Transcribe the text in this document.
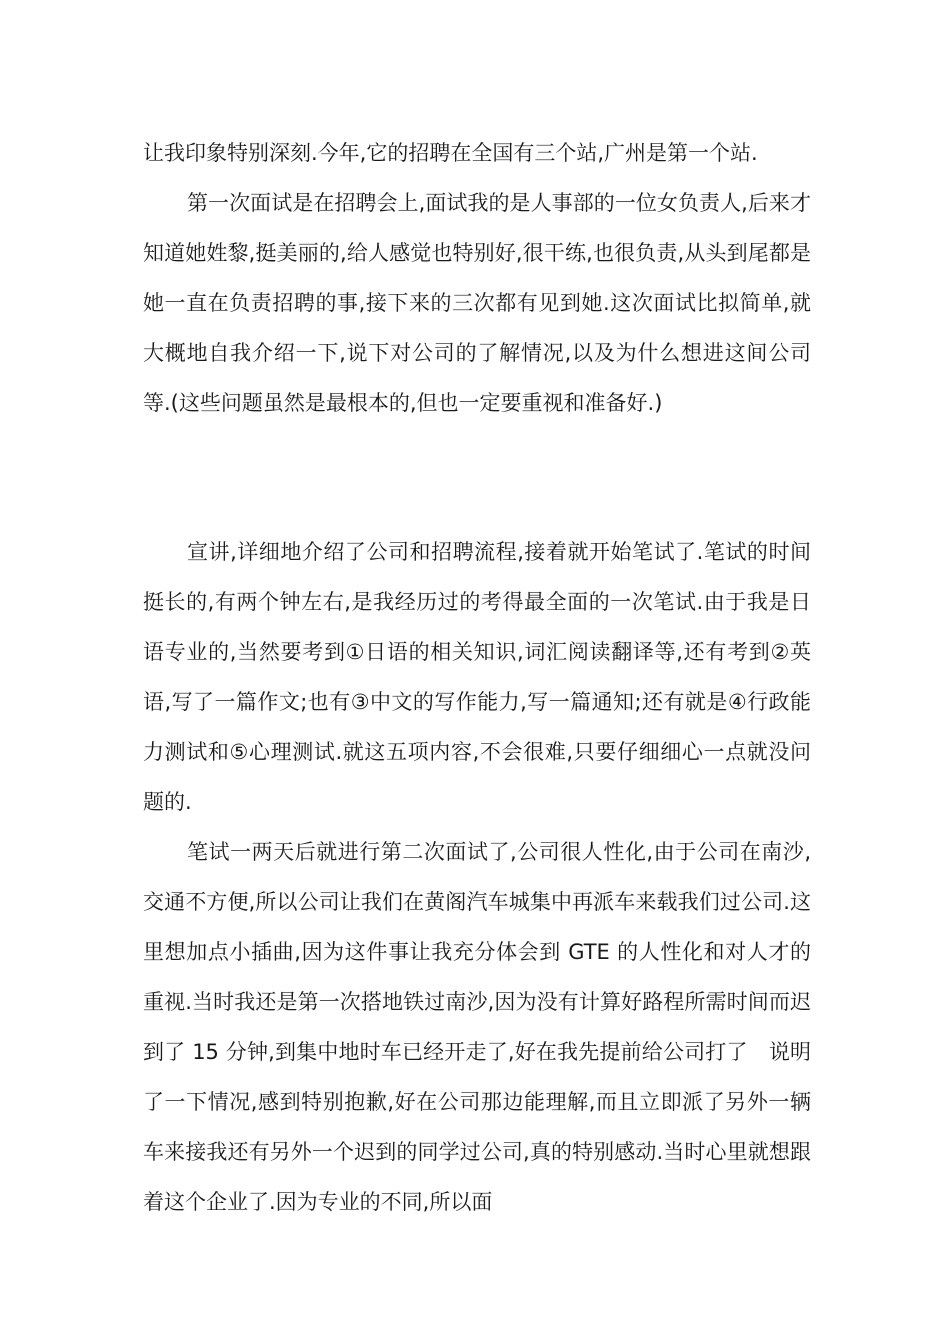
让我印象特别深刻.今年,它的招聘在全国有三个站,广州是第一个站.

第一次面试是在招聘会上,面试我的是人事部的一位女负责人,后来才知道她姓黎,挺美丽的,给人感觉也特别好,很干练,也很负责,从头到尾都是她一直在负责招聘的事,接下来的三次都有见到她.这次面试比拟简单,就大概地自我介绍一下,说下对公司的了解情况,以及为什么想进这间公司等.(这些问题虽然是最根本的,但也一定要重视和准备好.)

宣讲,详细地介绍了公司和招聘流程,接着就开始笔试了.笔试的时间挺长的,有两个钟左右,是我经历过的考得最全面的一次笔试.由于我是日语专业的,当然要考到①日语的相关知识,词汇阅读翻译等,还有考到②英语,写了一篇作文;也有③中文的写作能力,写一篇通知;还有就是④行政能力测试和⑤心理测试.就这五项内容,不会很难,只要仔细细心一点就没问题的.

笔试一两天后就进行第二次面试了,公司很人性化,由于公司在南沙,交通不方便,所以公司让我们在黄阁汽车城集中再派车来载我们过公司.这里想加点小插曲,因为这件事让我充分体会到 GTE 的人性化和对人才的重视.当时我还是第一次搭地铁过南沙,因为没有计算好路程所需时间而迟到了 15 分钟,到集中地时车已经开走了,好在我先提前给公司打了　说明了一下情况,感到特别抱歉,好在公司那边能理解,而且立即派了另外一辆车来接我还有另外一个迟到的同学过公司,真的特别感动.当时心里就想跟着这个企业了.因为专业的不同,所以面
